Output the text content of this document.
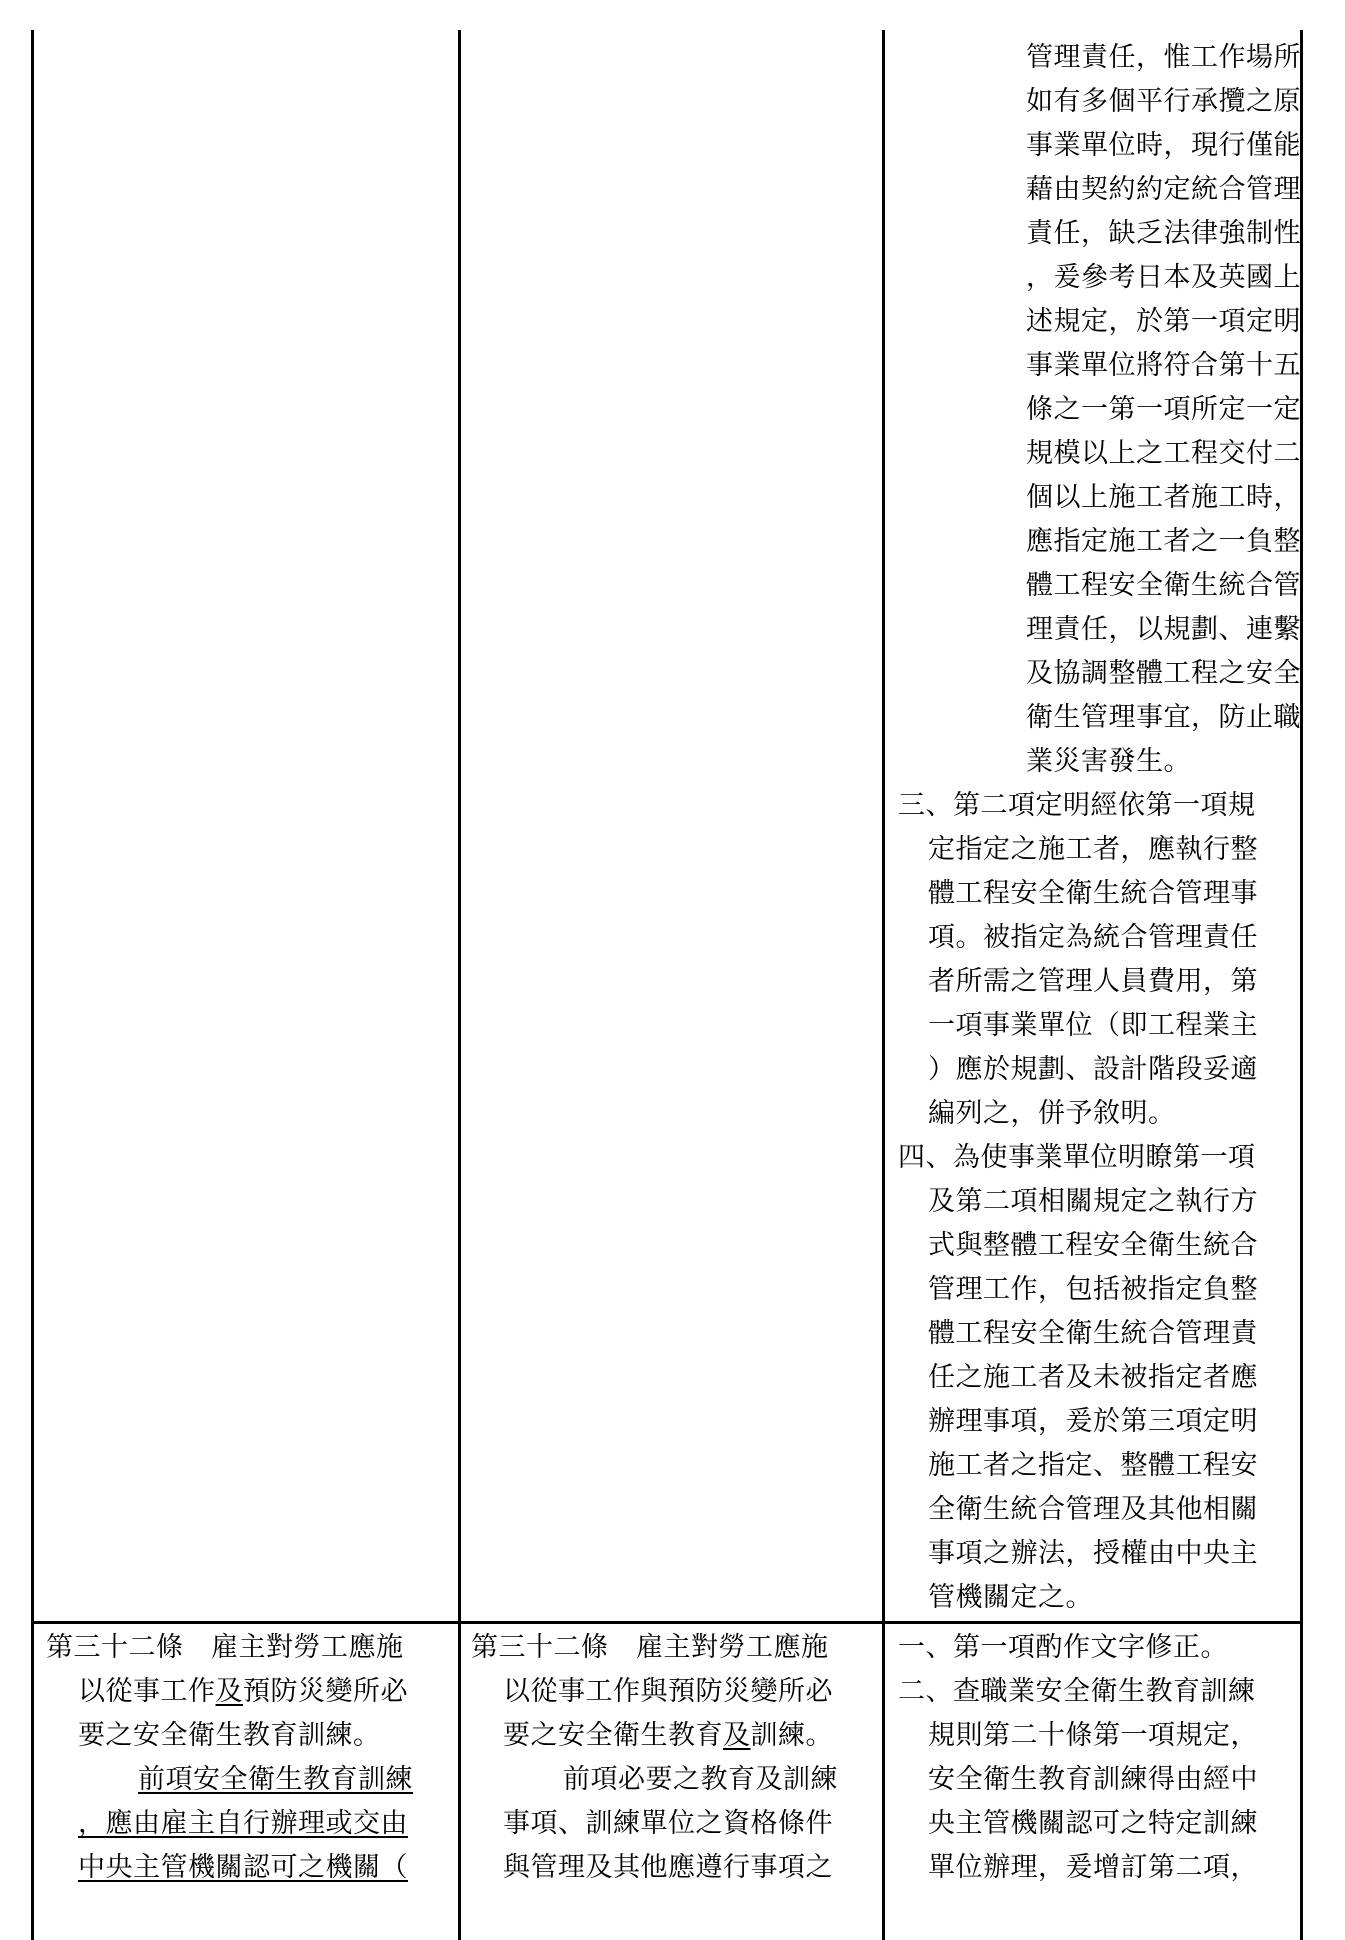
管理責任，惟工作場所
如有多個平行承攬之原
事業單位時，現行僅能
藉由契約約定統合管理
責任，缺乏法律強制性
，爰參考日本及英國上
述規定，於第一項定明
事業單位將符合第十五
條之一第一項所定一定
規模以上之工程交付二
個以上施工者施工時，
應指定施工者之一負整
體工程安全衛生統合管
理責任，以規劃、連繫
及協調整體工程之安全
衛生管理事宜，防止職
業災害發生。
三、第二項定明經依第一項規
定指定之施工者，應執行整
體工程安全衛生統合管理事
項。被指定為統合管理責任
者所需之管理人員費用，第
一項事業單位（即工程業主
）應於規劃、設計階段妥適
編列之，併予敘明。
四、為使事業單位明瞭第一項
及第二項相關規定之執行方
式與整體工程安全衛生統合
管理工作，包括被指定負整
體工程安全衛生統合管理責
任之施工者及未被指定者應
辦理事項，爰於第三項定明
施工者之指定、整體工程安
全衛生統合管理及其他相關
事項之辦法，授權由中央主
管機關定之。
第三十二條　雇主對勞工應施
以從事工作及預防災變所必
要之安全衛生教育訓練。
前項安全衛生教育訓練
，應由雇主自行辦理或交由
中央主管機關認可之機關（
第三十二條　雇主對勞工應施
以從事工作與預防災變所必
要之安全衛生教育及訓練。
前項必要之教育及訓練
事項、訓練單位之資格條件
與管理及其他應遵行事項之
一、第一項酌作文字修正。
二、查職業安全衛生教育訓練
規則第二十條第一項規定，
安全衛生教育訓練得由經中
央主管機關認可之特定訓練
單位辦理，爰增訂第二項，
